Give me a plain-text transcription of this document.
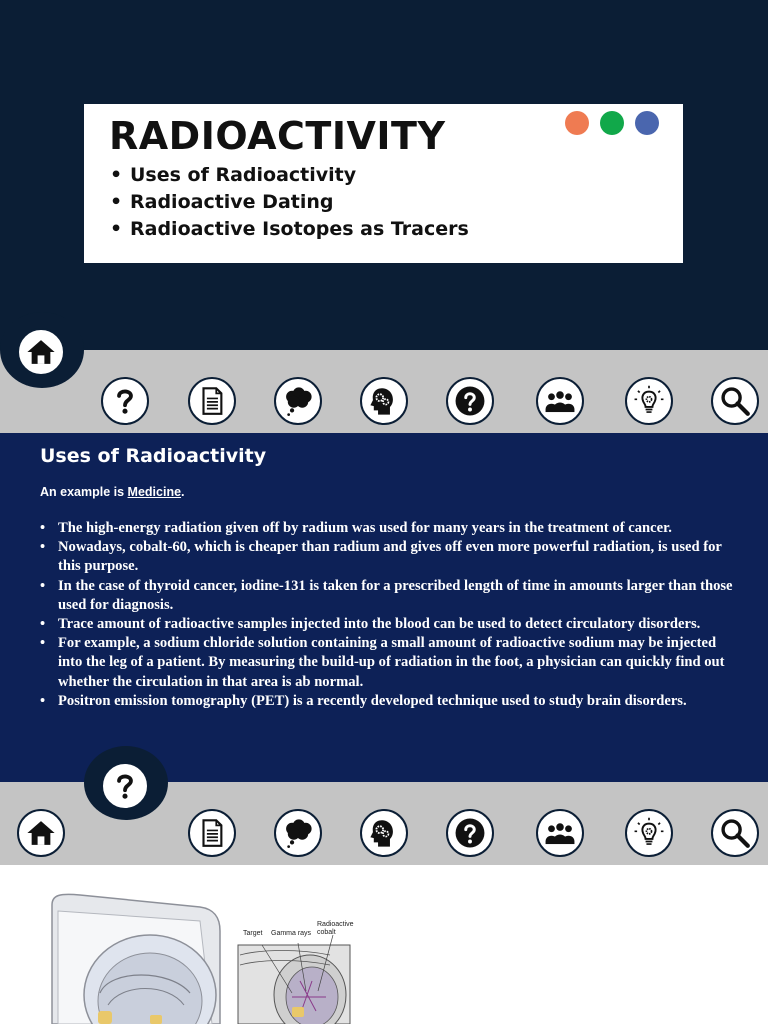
RADIOACTIVITY
• Uses of Radioactivity
• Radioactive Dating
• Radioactive Isotopes as Tracers
Uses of Radioactivity

An example is Medicine.

• The high-energy radiation given off by radium was used for many years in the treatment of cancer.
• Nowadays, cobalt-60, which is cheaper than radium and gives off even more powerful radiation, is used for this purpose.
• In the case of thyroid cancer, iodine-131 is taken for a prescribed length of time in amounts larger than those used for diagnosis.
• Trace amount of radioactive samples injected into the blood can be used to detect circulatory disorders.
• For example, a sodium chloride solution containing a small amount of radioactive sodium may be injected into the leg of a patient. By measuring the build-up of radiation in the foot, a physician can quickly find out whether the circulation in that area is ab normal.
• Positron emission tomography (PET) is a recently developed technique used to study brain disorders.
Target Gamma rays
Radioactive
cobalt
